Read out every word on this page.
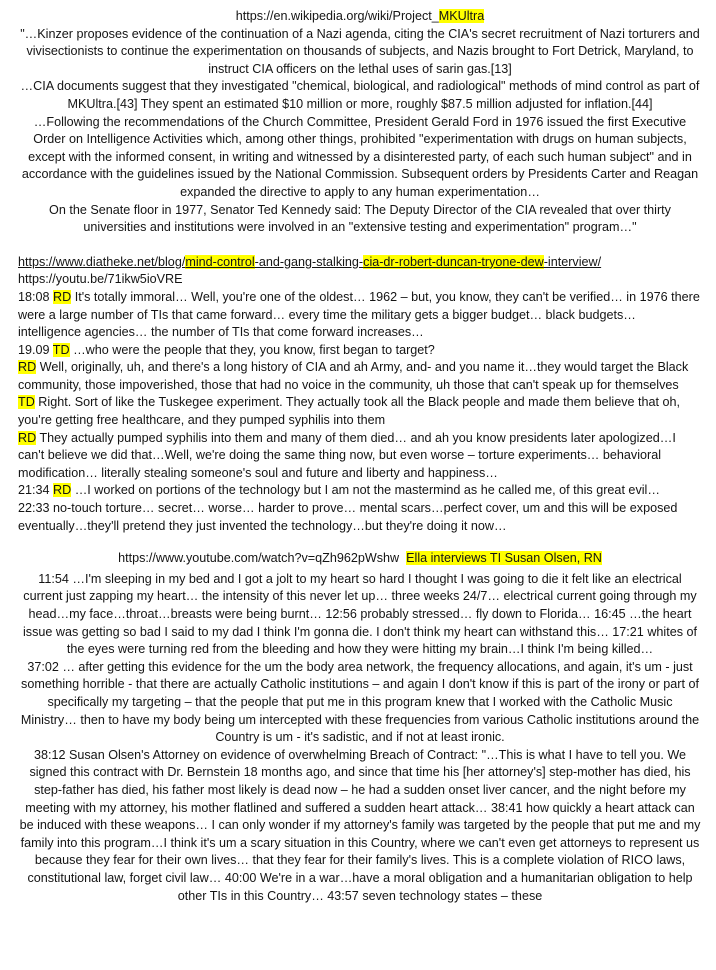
https://en.wikipedia.org/wiki/Project_MKUltra

"…Kinzer proposes evidence of the continuation of a Nazi agenda, citing the CIA's secret recruitment of Nazi torturers and vivisectionists to continue the experimentation on thousands of subjects, and Nazis brought to Fort Detrick, Maryland, to instruct CIA officers on the lethal uses of sarin gas.[13]

…CIA documents suggest that they investigated "chemical, biological, and radiological" methods of mind control as part of MKUltra.[43] They spent an estimated $10 million or more, roughly $87.5 million adjusted for inflation.[44]

…Following the recommendations of the Church Committee, President Gerald Ford in 1976 issued the first Executive Order on Intelligence Activities which, among other things, prohibited "experimentation with drugs on human subjects, except with the informed consent, in writing and witnessed by a disinterested party, of each such human subject" and in accordance with the guidelines issued by the National Commission. Subsequent orders by Presidents Carter and Reagan expanded the directive to apply to any human experimentation…

On the Senate floor in 1977, Senator Ted Kennedy said: The Deputy Director of the CIA revealed that over thirty universities and institutions were involved in an "extensive testing and experimentation" program…"

https://www.diatheke.net/blog/mind-control-and-gang-stalking-cia-dr-robert-duncan-tryone-dew-interview/

https://youtu.be/71ikw5ioVRE

18:08 RD It's totally immoral… Well, you're one of the oldest… 1962 – but, you know, they can't be verified… in 1976 there were a large number of TIs that came forward… every time the military gets a bigger budget… black budgets… intelligence agencies… the number of TIs that come forward increases…

19.09 TD …who were the people that they, you know, first began to target?

RD Well, originally, uh, and there's a long history of CIA and ah Army, and- and you name it…they would target the Black community, those impoverished, those that had no voice in the community, uh those that can't speak up for themselves

TD Right. Sort of like the Tuskegee experiment. They actually took all the Black people and made them believe that oh, you're getting free healthcare, and they pumped syphilis into them

RD They actually pumped syphilis into them and many of them died… and ah you know presidents later apologized…I can't believe we did that…Well, we're doing the same thing now, but even worse – torture experiments… behavioral modification… literally stealing someone's soul and future and liberty and happiness…

21:34 RD …I worked on portions of the technology but I am not the mastermind as he called me, of this great evil…

22:33 no-touch torture… secret… worse… harder to prove… mental scars…perfect cover, um and this will be exposed eventually…they'll pretend they just invented the technology…but they're doing it now…

https://www.youtube.com/watch?v=qZh962pWshw Ella interviews TI Susan Olsen, RN

11:54 …I'm sleeping in my bed and I got a jolt to my heart so hard I thought I was going to die it felt like an electrical current just zapping my heart… the intensity of this never let up… three weeks 24/7… electrical current going through my head…my face…throat…breasts were being burnt… 12:56 probably stressed… fly down to Florida… 16:45 …the heart issue was getting so bad I said to my dad I think I'm gonna die. I don't think my heart can withstand this… 17:21 whites of the eyes were turning red from the bleeding and how they were hitting my brain…I think I'm being killed…

37:02 … after getting this evidence for the um the body area network, the frequency allocations, and again, it's um - just something horrible - that there are actually Catholic institutions – and again I don't know if this is part of the irony or part of specifically my targeting – that the people that put me in this program knew that I worked with the Catholic Music Ministry… then to have my body being um intercepted with these frequencies from various Catholic institutions around the Country is um - it's sadistic, and if not at least ironic.

38:12 Susan Olsen's Attorney on evidence of overwhelming Breach of Contract: "…This is what I have to tell you. We signed this contract with Dr. Bernstein 18 months ago, and since that time his [her attorney's] step-mother has died, his step-father has died, his father most likely is dead now – he had a sudden onset liver cancer, and the night before my meeting with my attorney, his mother flatlined and suffered a sudden heart attack… 38:41 how quickly a heart attack can be induced with these weapons… I can only wonder if my attorney's family was targeted by the people that put me and my family into this program…I think it's um a scary situation in this Country, where we can't even get attorneys to represent us because they fear for their own lives… that they fear for their family's lives. This is a complete violation of RICO laws, constitutional law, forget civil law… 40:00 We're in a war…have a moral obligation and a humanitarian obligation to help other TIs in this Country… 43:57 seven technology states – these
